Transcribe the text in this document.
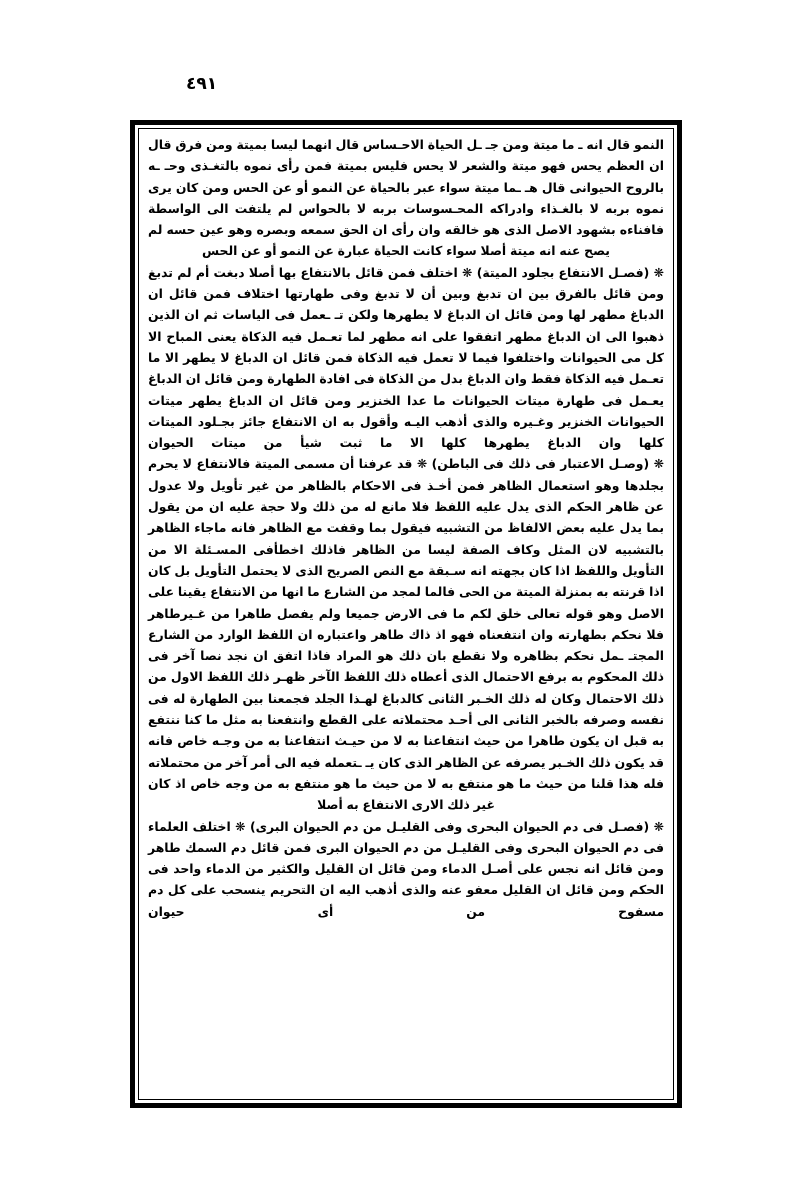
٤٩١

النمو قال انه ـ ما ميتة ومن جـ ـل الحياة الاحـساس قال انهما ليسا بميتة ومن فرق قال ان العظم يحس فهو ميتة والشعر لا يحس فليس بميتة فمن رأى نموه بالتغـذى وحـ ـه بالروح الحيوانى قال هـ ـما ميتة سواء عبر بالحياة عن النمو أو عن الحس ومن كان يرى نموه بربه لا بالغـذاء وادراكه المحـسوسات بربه لا بالحواس لم يلتفت الى الواسطة فافناءه بشهود الاصل الذى هو خالقه وان رأى ان الحق سمعه وبصره وهو عين حسه لم يصح عنه انه ميتة أصلا سواء كانت الحياة عبارة عن النمو أو عن الحس

❋ (فصـل الانتفاع بجلود الميتة) ❋ اختلف فمن قائل بالانتفاع بها أصلا دبغت أم لم تدبغ ومن قائل بالفرق بين ان تدبغ وبين أن لا تدبغ وفى طهارتها اختلاف فمن قائل ان الدباغ مطهر لها ومن قائل ان الدباغ لا يطهرها ولكن تـ ـعمل فى الياسات ثم ان الذين ذهبوا الى ان الدباغ مطهر اتفقوا على انه مطهر لما تعـمل فيه الذكاة يعنى المباح الا كل مى الحيوانات واختلفوا فيما لا تعمل فيه الذكاة فمن قائل ان الدباغ لا يطهر الا ما تعـمل فيه الذكاة فقط وان الدباغ بدل من الذكاة فى افادة الطهارة ومن قائل ان الدباغ يعـمل فى طهارة ميتات الحيوانات ما عدا الخنزير ومن قائل ان الدباغ يطهر ميتات الحيوانات الخنزير وغـيره والذى أذهب اليـه وأقول به ان الانتفاع جائز بجـلود الميتات كلها وان الدباغ يطهرها كلها الا ما ثبت شيأ من ميتات الحيوان

❋ (وصـل الاعتبار فى ذلك فى الباطن) ❋ قد عرفنا أن مسمى الميتة فالانتفاع لا يحرم بجلدها وهو استعمال الظاهر فمن أخـذ فى الاحكام بالظاهر من غير تأويل ولا عدول عن ظاهر الحكم الذى يدل عليه اللفظ فلا مانع له من ذلك ولا حجة عليه ان من يقول بما يدل عليه بعض الالفاظ من التشبيه فيقول بما وقفت مع الظاهر فانه ماجاء الظاهر بالتشبيه لان المثل وكاف الصفة ليسا من الظاهر فاذلك اخطأفى المسـئلة الا من التأويل واللفظ اذا كان بجهته انه سـبقة مع النص الصريح الذى لا يحتمل التأويل بل كان اذا قرنته به بمنزلة الميتة من الحى فالما لمجد من الشارع ما انها من الانتفاع يقينا على الاصل وهو قوله تعالى خلق لكم ما فى الارض جميعا ولم يفصل طاهرا من غـيرطاهر فلا نحكم بطهارته وان انتفعناه فهو اذ ذاك طاهر واعتباره ان اللفظ الوارد من الشارع المجتـ ـمل نحكم بظاهره ولا نقطع بان ذلك هو المراد فاذا اتفق ان نجد نصا آخر فى ذلك المحكوم به برفع الاحتمال الذى أعطاه ذلك اللفظ الآخر ظهـر ذلك اللفظ الاول من ذلك الاحتمال وكان له ذلك الخـبر الثانى كالدباغ لهـذا الجلد فجمعنا بين الطهارة له فى نفسه وصرفه بالخبر الثانى الى أحـد محتملاته على القطع وانتفعنا به مثل ما كنا ننتفع به قبل ان يكون طاهرا من حيث انتفاعنا به لا من حيـث انتفاعنا به من وجـه خاص فانه قد يكون ذلك الخـبر يصرفه عن الظاهر الذى كان يـ ـتعمله فيه الى أمر آخر من محتملاته فله هذا قلنا من حيث ما هو منتفع به لا من حيث ما هو منتفع به من وجه خاص اذ كان غير ذلك الارى الانتفاع به أصلا

❋ (فصـل فى دم الحيوان البحرى وفى القليـل من دم الحيوان البرى) ❋ اختلف العلماء فى دم الحيوان البحرى وفى القليـل من دم الحيوان البرى فمن قائل دم السمك طاهر ومن قائل انه نجس على أصـل الدماء ومن قائل ان القليل والكثير من الدماء واحد فى الحكم ومن قائل ان القليل معفو عنه والذى أذهب اليه ان التحريم ينسحب على كل دم مسفوح من أى حيوان
